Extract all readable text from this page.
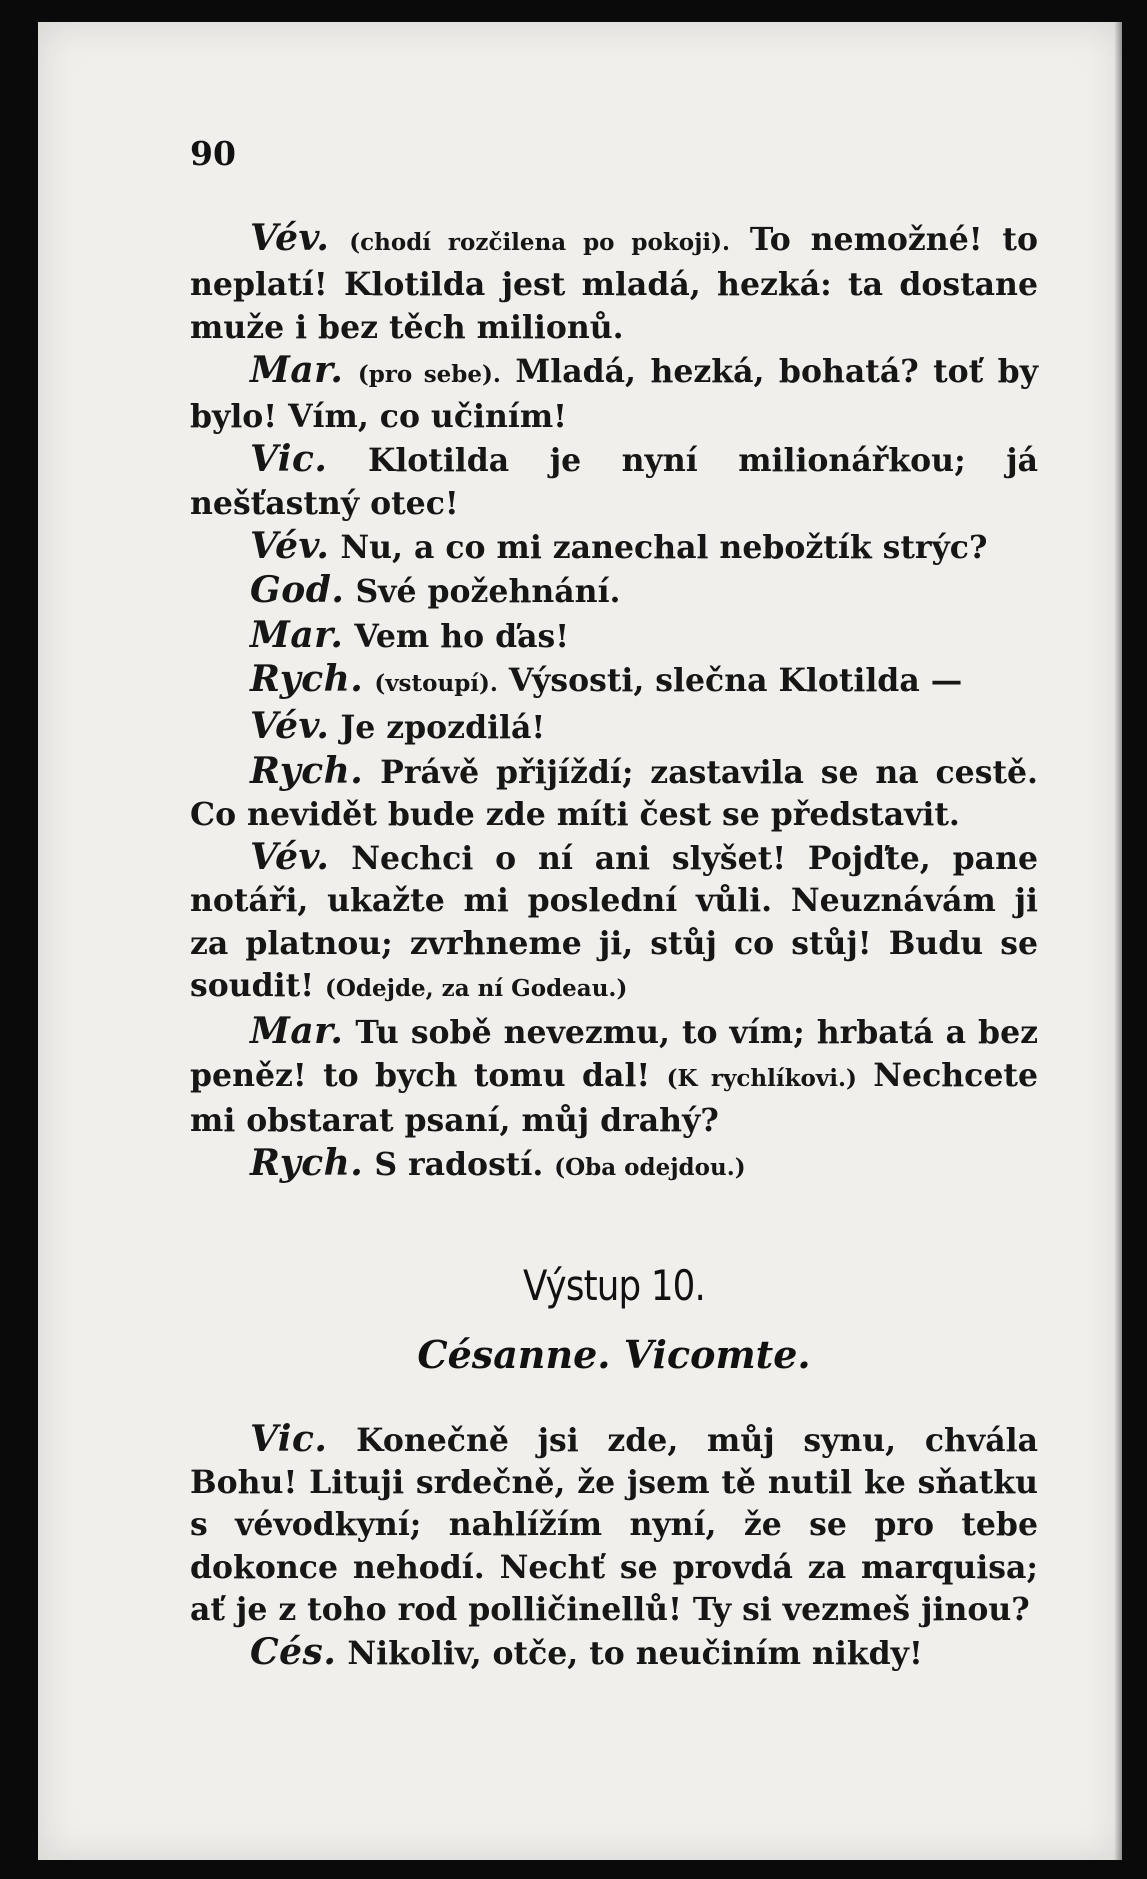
90

Vév. (chodí rozčilena po pokoji). To nemožné! to neplatí! Klotilda jest mladá, hezká: ta dostane muže i bez těch milionů.

Mar. (pro sebe). Mladá, hezká, bohatá? toť by bylo! Vím, co učiním!

Vic. Klotilda je nyní milionářkou; já nešťastný otec!

Vév. Nu, a co mi zanechal nebožtík strýc?

God. Své požehnání.

Mar. Vem ho ďas!

Rych. (vstoupí). Výsosti, slečna Klotilda —

Vév. Je zpozdilá!

Rych. Právě přijíždí; zastavila se na cestě. Co nevidět bude zde míti čest se představit.

Vév. Nechci o ní ani slyšet! Pojďte, pane notáři, ukažte mi poslední vůli. Neuznávám ji za platnou; zvrhneme ji, stůj co stůj! Budu se soudit! (Odejde, za ní Godeau.)

Mar. Tu sobě nevezmu, to vím; hrbatá a bez peněz! to bych tomu dal! (K rychlíkovi.) Nechcete mi obstarat psaní, můj drahý?

Rych. S radostí. (Oba odejdou.)

Výstup 10.
Césanne. Vicomte.

Vic. Konečně jsi zde, můj synu, chvála Bohu! Lituji srdečně, že jsem tě nutil ke sňatku s vévodkyní; nahlížím nyní, že se pro tebe dokonce nehodí. Nechť se provdá za marquisa; ať je z toho rod polličinellů! Ty si vezmeš jinou?

Cés. Nikoliv, otče, to neučiním nikdy!
